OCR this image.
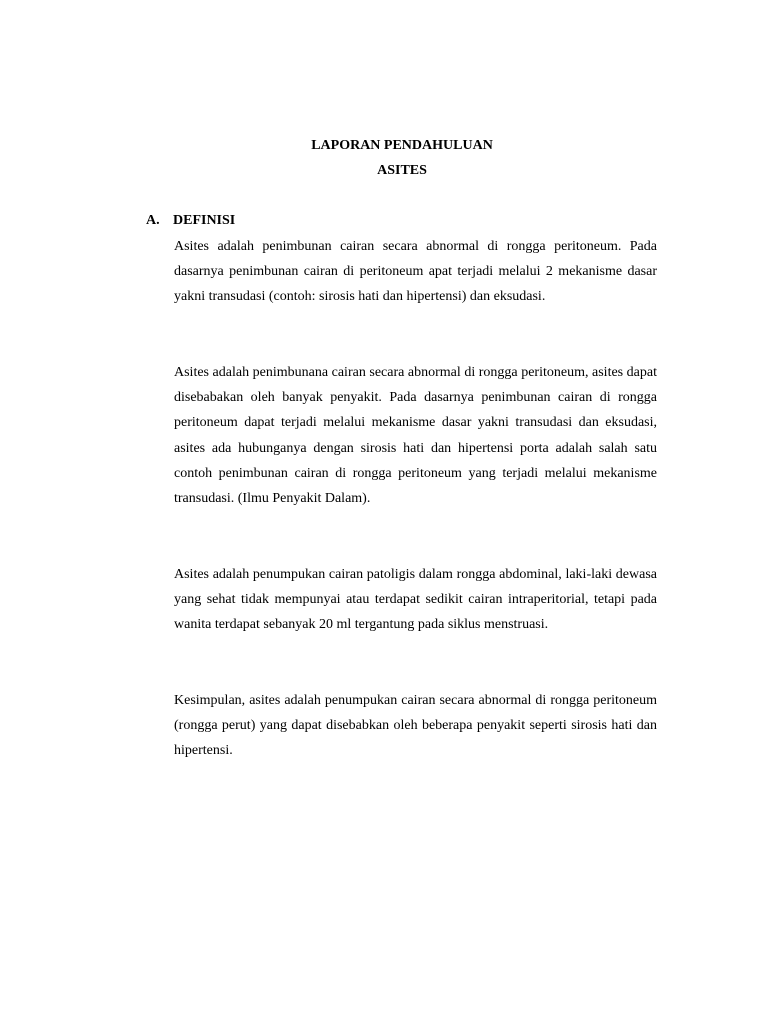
LAPORAN PENDAHULUAN

ASITES

A. DEFINISI

Asites adalah penimbunan cairan secara abnormal di rongga peritoneum. Pada dasarnya penimbunan cairan di peritoneum apat terjadi melalui 2 mekanisme dasar yakni transudasi (contoh: sirosis hati dan hipertensi) dan eksudasi.

Asites adalah penimbunana cairan secara abnormal di rongga peritoneum, asites dapat disebabakan oleh banyak penyakit. Pada dasarnya penimbunan cairan di rongga peritoneum dapat terjadi melalui mekanisme dasar yakni transudasi dan eksudasi, asites ada hubunganya dengan sirosis hati dan hipertensi porta adalah salah satu contoh penimbunan cairan di rongga peritoneum yang terjadi melalui mekanisme transudasi. (Ilmu Penyakit Dalam).

Asites adalah penumpukan cairan patoligis dalam rongga abdominal, laki-laki dewasa yang sehat tidak mempunyai atau terdapat sedikit cairan intraperitorial, tetapi pada wanita terdapat sebanyak 20 ml tergantung pada siklus menstruasi.

Kesimpulan, asites adalah penumpukan cairan secara abnormal di rongga peritoneum (rongga perut) yang dapat disebabkan oleh beberapa penyakit seperti sirosis hati dan hipertensi.
